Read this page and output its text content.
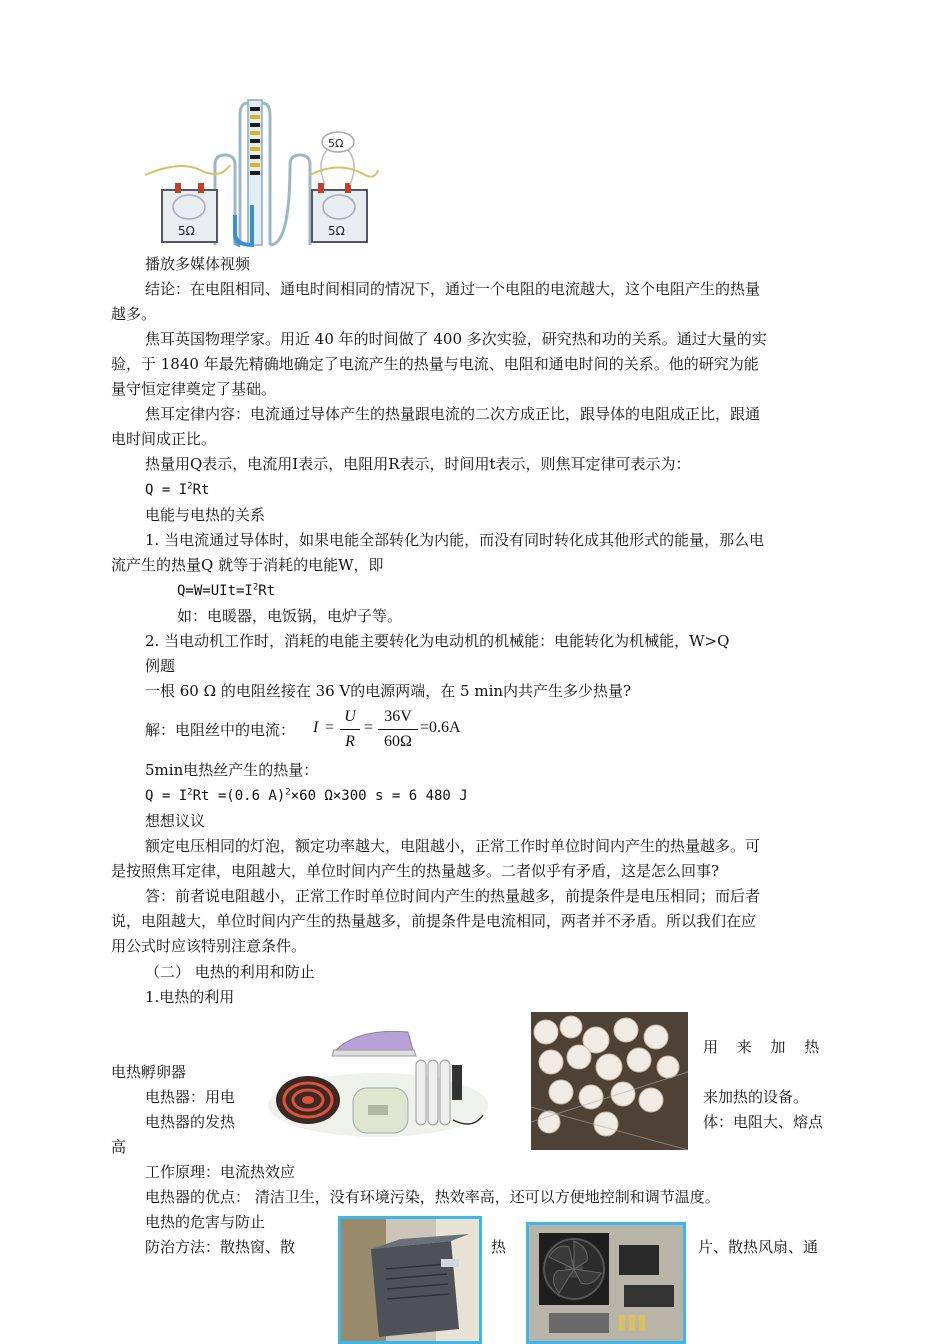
5Ω	5Ω
5Ω
播放多媒体视频
结论：在电阻相同、通电时间相同的情况下，通过一个电阻的电流越大，这个电阻产生的热量
越多。
焦耳英国物理学家。用近 40 年的时间做了 400 多次实验，研究热和功的关系。通过大量的实
验，于 1840 年最先精确地确定了电流产生的热量与电流、电阻和通电时间的关系。他的研究为能
量守恒定律奠定了基础。
焦耳定律内容：电流通过导体产生的热量跟电流的二次方成正比，跟导体的电阻成正比，跟通
电时间成正比。
热量用Q表示，电流用I表示，电阻用R表示，时间用t表示，则焦耳定律可表示为：
$Q = I^2Rt$
电能与电热的关系
1. 当电流通过导体时，如果电能全部转化为内能，而没有同时转化成其他形式的能量，那么电
流产生的热量Q 就等于消耗的电能W，即
$Q=W=UIt=I^2Rt$
如：电暖器，电饭锅，电炉子等。
2. 当电动机工作时，消耗的电能主要转化为电动机的机械能：电能转化为机械能，W>Q
例题
一根 60 Ω 的电阻丝接在 36 V的电源两端，在 5 min内共产生多少热量?
解：电阻丝中的电流： I =
U
R
=
36V
60Ω
=0.6A
5min电热丝产生的热量：
$Q = I^2Rt =(0.6$ A)$^2$×60 Ω×300 s = 6 480 J
想想议议
额定电压相同的灯泡，额定功率越大，电阻越小，正常工作时单位时间内产生的热量越多。可
是按照焦耳定律，电阻越大，单位时间内产生的热量越多。二者似乎有矛盾，这是怎么回事?
答：前者说电阻越小，正常工作时单位时间内产生的热量越多，前提条件是电压相同；而后者
说，电阻越大，单位时间内产生的热量越多，前提条件是电流相同，两者并不矛盾。所以我们在应
用公式时应该特别注意条件。
（二） 电热的利用和防止
1.电热的利用
用 来 加 热
电热孵卵器
电热器：用电	来加热的设备。
电热器的发热	体：电阻大、熔点
高
工作原理：电流热效应
电热器的优点： 清洁卫生，没有环境污染，热效率高，还可以方便地控制和调节温度。
电热的危害与防止
防治方法：散热窗、散	热	片、散热风扇、通
